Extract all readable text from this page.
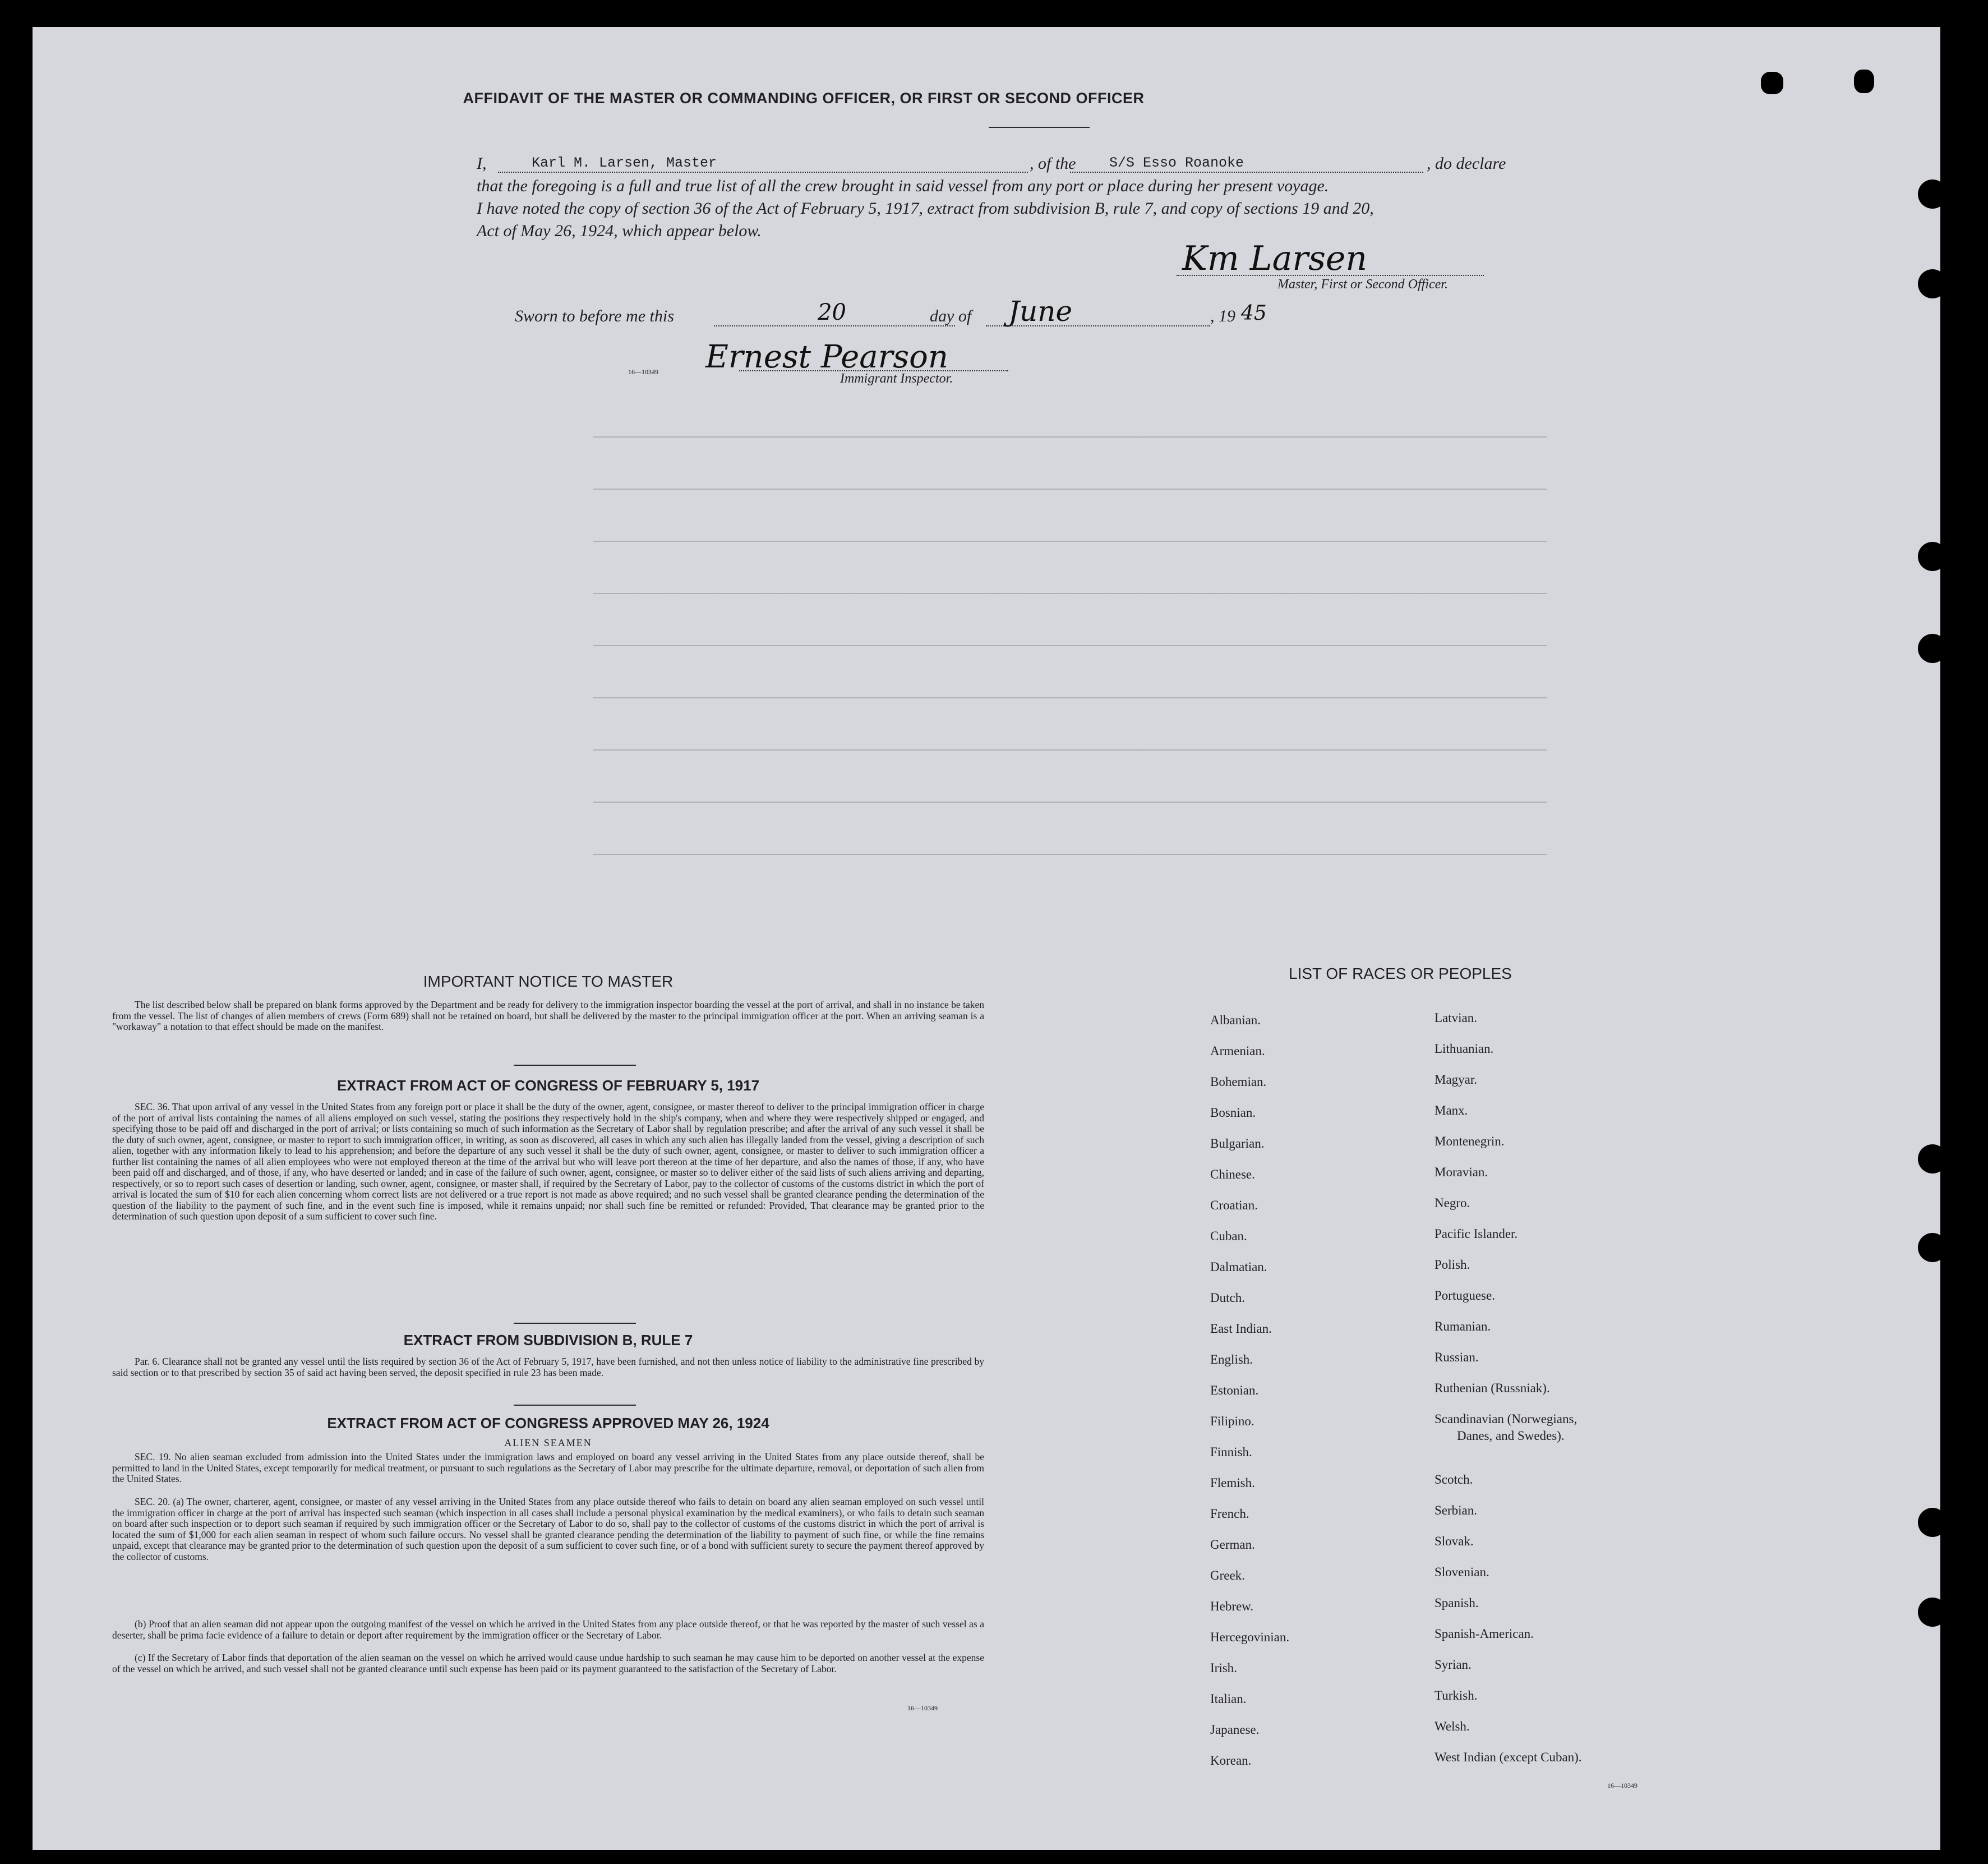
AFFIDAVIT OF THE MASTER OR COMMANDING OFFICER, OR FIRST OR SECOND OFFICER
I,	Karl M. Larsen, Master	, of the S/S Esso Roanoke	, do declare
that the foregoing is a full and true list of all the crew brought in said vessel from any port or place during her present voyage.
I have noted the copy of section 36 of the Act of February 5, 1917, extract from subdivision B, rule 7, and copy of sections 19 and 20,
Act of May 26, 1924, which appear below.
Km Larsen
Master, First or Second Officer.
Sworn to before me this	20	day of June	, 19 45
16—10349 Ernest Pearson
Immigrant Inspector.
IMPORTANT NOTICE TO MASTER
The list described below shall be prepared on blank forms approved by the Department and be ready for delivery to the immigration inspector boarding the vessel at the port of arrival, and shall in no instance be taken from the vessel. The list of changes of alien members of crews (Form 689) shall not be retained on board, but shall be delivered by the master to the principal immigration officer at the port. When an arriving seaman is a "workaway" a notation to that effect should be made on the manifest.
EXTRACT FROM ACT OF CONGRESS OF FEBRUARY 5, 1917
SEC. 36. That upon arrival of any vessel in the United States from any foreign port or place it shall be the duty of the owner, agent, consignee, or master thereof to deliver to the principal immigration officer in charge of the port of arrival lists containing the names of all aliens employed on such vessel, stating the positions they respectively hold in the ship's company, when and where they were respectively shipped or engaged, and specifying those to be paid off and discharged in the port of arrival; or lists containing so much of such information as the Secretary of Labor shall by regulation prescribe; and after the arrival of any such vessel it shall be the duty of such owner, agent, consignee, or master to report to such immigration officer, in writing, as soon as discovered, all cases in which any such alien has illegally landed from the vessel, giving a description of such alien, together with any information likely to lead to his apprehension; and before the departure of any such vessel it shall be the duty of such owner, agent, consignee, or master to deliver to such immigration officer a further list containing the names of all alien employees who were not employed thereon at the time of the arrival but who will leave port thereon at the time of her departure, and also the names of those, if any, who have been paid off and discharged, and of those, if any, who have deserted or landed; and in case of the failure of such owner, agent, consignee, or master so to deliver either of the said lists of such aliens arriving and departing, respectively, or so to report such cases of desertion or landing, such owner, agent, consignee, or master shall, if required by the Secretary of Labor, pay to the collector of customs of the customs district in which the port of arrival is located the sum of $10 for each alien concerning whom correct lists are not delivered or a true report is not made as above required; and no such vessel shall be granted clearance pending the determination of the question of the liability to the payment of such fine, and in the event such fine is imposed, while it remains unpaid; nor shall such fine be remitted or refunded: Provided, That clearance may be granted prior to the determination of such question upon deposit of a sum sufficient to cover such fine.
EXTRACT FROM SUBDIVISION B, RULE 7
Par. 6. Clearance shall not be granted any vessel until the lists required by section 36 of the Act of February 5, 1917, have been furnished, and not then unless notice of liability to the administrative fine prescribed by said section or to that prescribed by section 35 of said act having been served, the deposit specified in rule 23 has been made.
EXTRACT FROM ACT OF CONGRESS APPROVED MAY 26, 1924
ALIEN SEAMEN
SEC. 19. No alien seaman excluded from admission into the United States under the immigration laws and employed on board any vessel arriving in the United States from any place outside thereof, shall be permitted to land in the United States, except temporarily for medical treatment, or pursuant to such regulations as the Secretary of Labor may prescribe for the ultimate departure, removal, or deportation of such alien from the United States.
SEC. 20. (a) The owner, charterer, agent, consignee, or master of any vessel arriving in the United States from any place outside thereof who fails to detain on board any alien seaman employed on such vessel until the immigration officer in charge at the port of arrival has inspected such seaman (which inspection in all cases shall include a personal physical examination by the medical examiners), or who fails to detain such seaman on board after such inspection or to deport such seaman if required by such immigration officer or the Secretary of Labor to do so, shall pay to the collector of customs of the customs district in which the port of arrival is located the sum of $1,000 for each alien seaman in respect of whom such failure occurs. No vessel shall be granted clearance pending the determination of the liability to payment of such fine, or while the fine remains unpaid, except that clearance may be granted prior to the determination of such question upon the deposit of a sum sufficient to cover such fine, or of a bond with sufficient surety to secure the payment thereof approved by the collector of customs.
(b) Proof that an alien seaman did not appear upon the outgoing manifest of the vessel on which he arrived in the United States from any place outside thereof, or that he was reported by the master of such vessel as a deserter, shall be prima facie evidence of a failure to detain or deport after requirement by the immigration officer or the Secretary of Labor.
(c) If the Secretary of Labor finds that deportation of the alien seaman on the vessel on which he arrived would cause undue hardship to such seaman he may cause him to be deported on another vessel at the expense of the vessel on which he arrived, and such vessel shall not be granted clearance until such expense has been paid or its payment guaranteed to the satisfaction of the Secretary of Labor.
16—10349
LIST OF RACES OR PEOPLES
16—10349
Albanian.
Armenian.
Bohemian.
Bosnian.
Bulgarian.
Chinese.
Croatian.
Cuban.
Dalmatian.
Dutch.
East Indian.
English.
Estonian.
Filipino.
Finnish.
Flemish.
French.
German.
Greek.
Hebrew.
Hercegovinian.
Irish.
Italian.
Japanese.
Korean.
Latvian.
Lithuanian.
Magyar.
Manx.
Montenegrin.
Moravian.
Negro.
Pacific Islander.
Polish.
Portuguese.
Rumanian.
Russian.
Ruthenian (Russniak).
Scandinavian (Norwegians,
Danes, and Swedes).
Scotch.
Serbian.
Slovak.
Slovenian.
Spanish.
Spanish-American.
Syrian.
Turkish.
Welsh.
West Indian (except Cuban).
